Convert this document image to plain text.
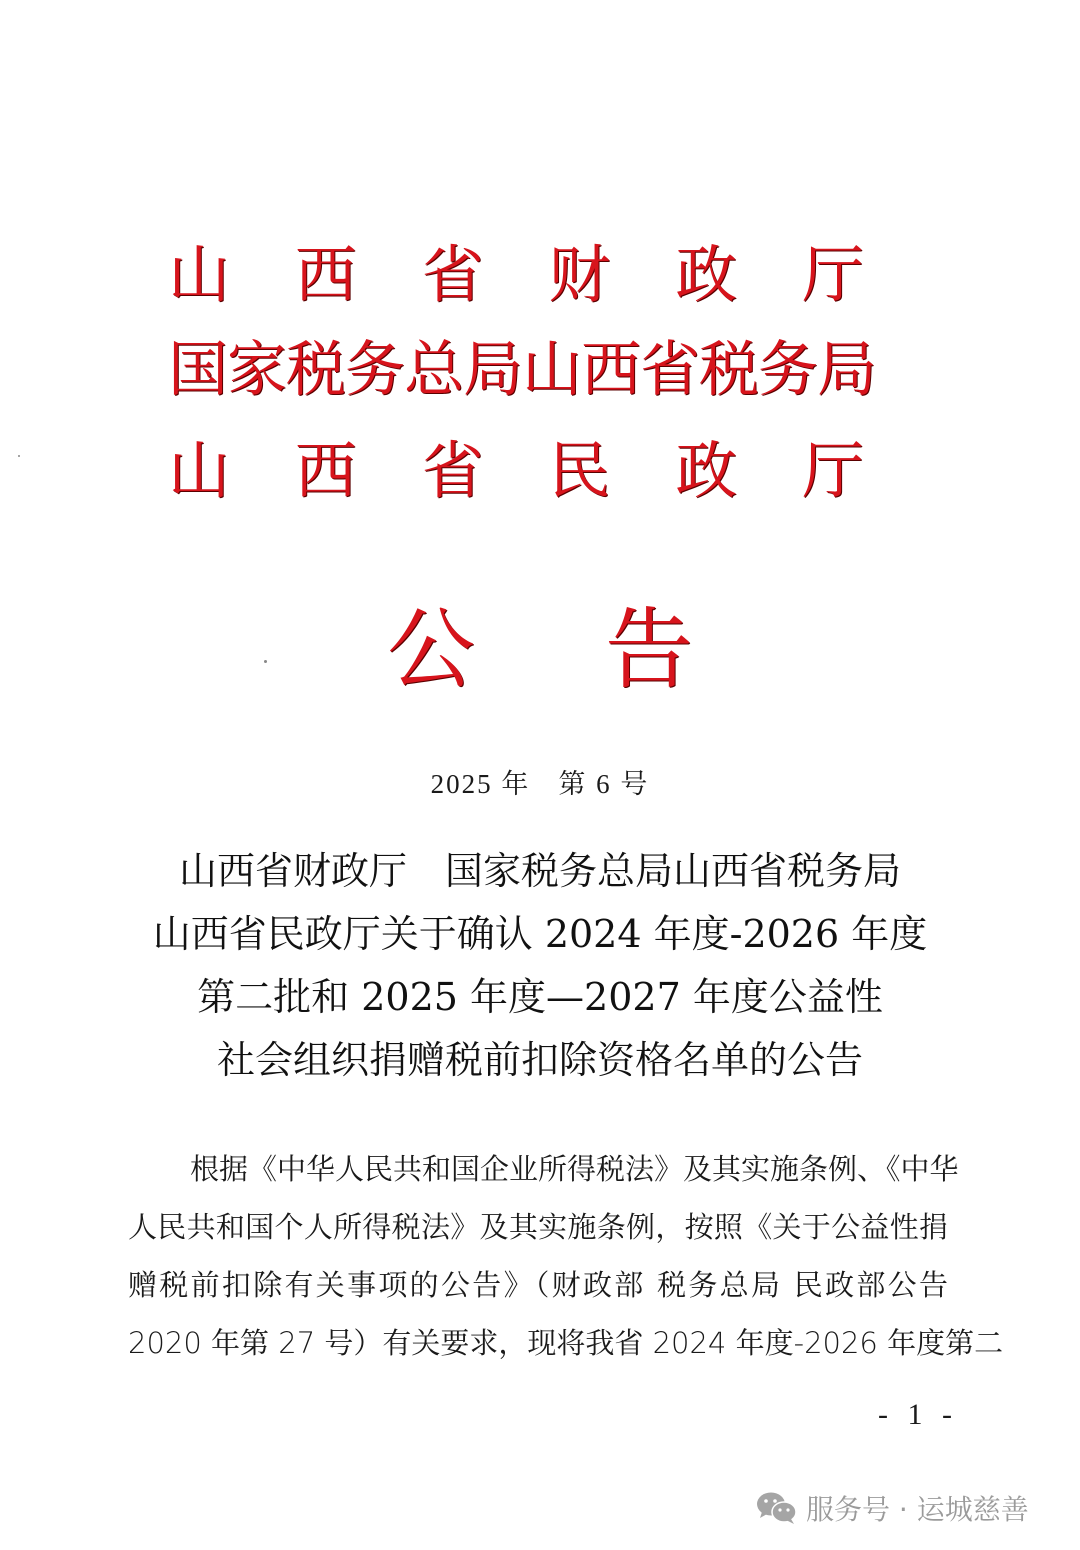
山 西 省 财 政 厅
国 家 税 务 总 局 山 西 省 税 务 局
山 西 省 民 政 厅
公 告
2025 年 第 6 号
山西省财政厅　国家税务总局山西省税务局
山西省民政厅关于确认 2024 年度-2026 年度
第二批和 2025 年度—2027 年度公益性
社会组织捐赠税前扣除资格名单的公告
根据《中华人民共和国企业所得税法》及其实施条例、《中华
人民共和国个人所得税法》及其实施条例，按照《关于公益性捐
赠税前扣除有关事项的公告》（财政部 税务总局 民政部公告
2020 年第 27 号）有关要求，现将我省 2024 年度-2026 年度第二
- 1 -
服务号 · 运城慈善
